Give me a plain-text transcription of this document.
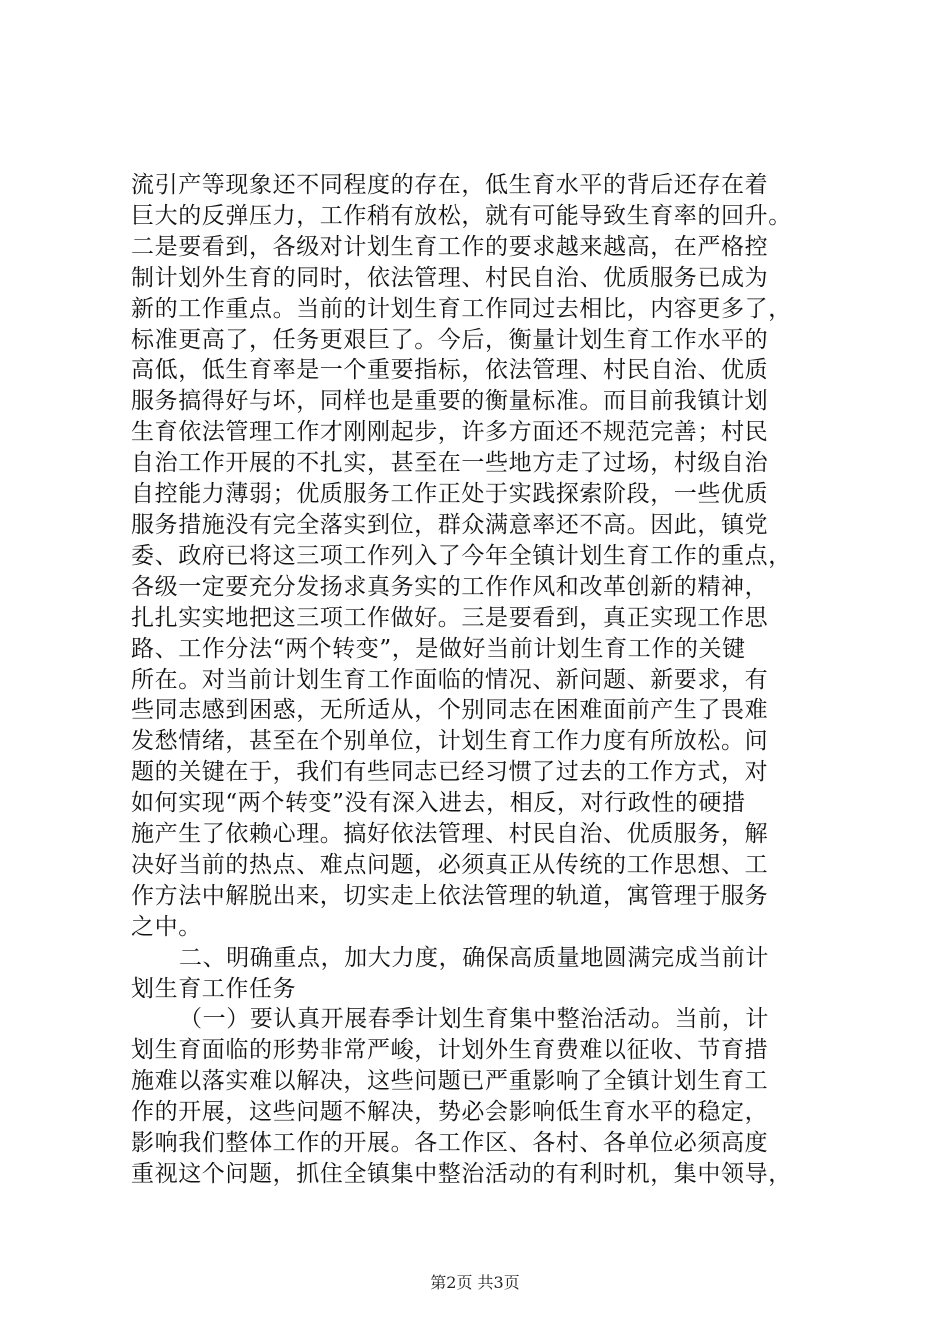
流引产等现象还不同程度的存在，低生育水平的背后还存在着
巨大的反弹压力，工作稍有放松，就有可能导致生育率的回升。
二是要看到，各级对计划生育工作的要求越来越高，在严格控
制计划外生育的同时，依法管理、村民自治、优质服务已成为
新的工作重点。当前的计划生育工作同过去相比，内容更多了，
标准更高了，任务更艰巨了。今后，衡量计划生育工作水平的
高低，低生育率是一个重要指标，依法管理、村民自治、优质
服务搞得好与坏，同样也是重要的衡量标准。而目前我镇计划
生育依法管理工作才刚刚起步，许多方面还不规范完善；村民
自治工作开展的不扎实，甚至在一些地方走了过场，村级自治
自控能力薄弱；优质服务工作正处于实践探索阶段，一些优质
服务措施没有完全落实到位，群众满意率还不高。因此，镇党
委、政府已将这三项工作列入了今年全镇计划生育工作的重点，
各级一定要充分发扬求真务实的工作作风和改革创新的精神，
扎扎实实地把这三项工作做好。三是要看到，真正实现工作思
路、工作分法“两个转变”，是做好当前计划生育工作的关键
所在。对当前计划生育工作面临的情况、新问题、新要求，有
些同志感到困惑，无所适从，个别同志在困难面前产生了畏难
发愁情绪，甚至在个别单位，计划生育工作力度有所放松。问
题的关键在于，我们有些同志已经习惯了过去的工作方式，对
如何实现“两个转变”没有深入进去，相反，对行政性的硬措
施产生了依赖心理。搞好依法管理、村民自治、优质服务，解
决好当前的热点、难点问题，必须真正从传统的工作思想、工
作方法中解脱出来，切实走上依法管理的轨道，寓管理于服务
之中。
二、明确重点，加大力度，确保高质量地圆满完成当前计
划生育工作任务
（一）要认真开展春季计划生育集中整治活动。当前，计
划生育面临的形势非常严峻，计划外生育费难以征收、节育措
施难以落实难以解决，这些问题已严重影响了全镇计划生育工
作的开展，这些问题不解决，势必会影响低生育水平的稳定，
影响我们整体工作的开展。各工作区、各村、各单位必须高度
重视这个问题，抓住全镇集中整治活动的有利时机，集中领导，
第2页 共3页
